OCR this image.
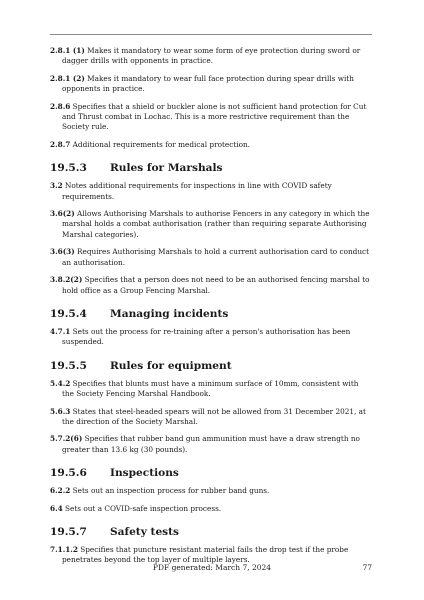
2.8.1 (1) Makes it mandatory to wear some form of eye protection during sword or dagger drills with opponents in practice.

2.8.1 (2) Makes it mandatory to wear full face protection during spear drills with opponents in practice.

2.8.6 Specifies that a shield or buckler alone is not sufficient hand protection for Cut and Thrust combat in Lochac. This is a more restrictive requirement than the Society rule.

2.8.7 Additional requirements for medical protection.

19.5.3	Rules for Marshals

3.2 Notes additional requirements for inspections in line with COVID safety requirements.

3.6(2) Allows Authorising Marshals to authorise Fencers in any category in which the marshal holds a combat authorisation (rather than requiring separate Authorising Marshal categories).

3.6(3) Requires Authorising Marshals to hold a current authorisation card to conduct an authorisation.

3.8.2(2) Specifies that a person does not need to be an authorised fencing marshal to hold office as a Group Fencing Marshal.

19.5.4	Managing incidents

4.7.1 Sets out the process for re-training after a person's authorisation has been suspended.

19.5.5	Rules for equipment

5.4.2 Specifies that blunts must have a minimum surface of 10mm, consistent with the Society Fencing Marshal Handbook.

5.6.3 States that steel-headed spears will not be allowed from 31 December 2021, at the direction of the Society Marshal.

5.7.2(6) Specifies that rubber band gun ammunition must have a draw strength no greater than 13.6 kg (30 pounds).

19.5.6	Inspections

6.2.2 Sets out an inspection process for rubber band guns.

6.4 Sets out a COVID-safe inspection process.

19.5.7	Safety tests

7.1.1.2 Specifies that puncture resistant material fails the drop test if the probe penetrates beyond the top layer of multiple layers.

PDF generated: March 7, 2024	77
